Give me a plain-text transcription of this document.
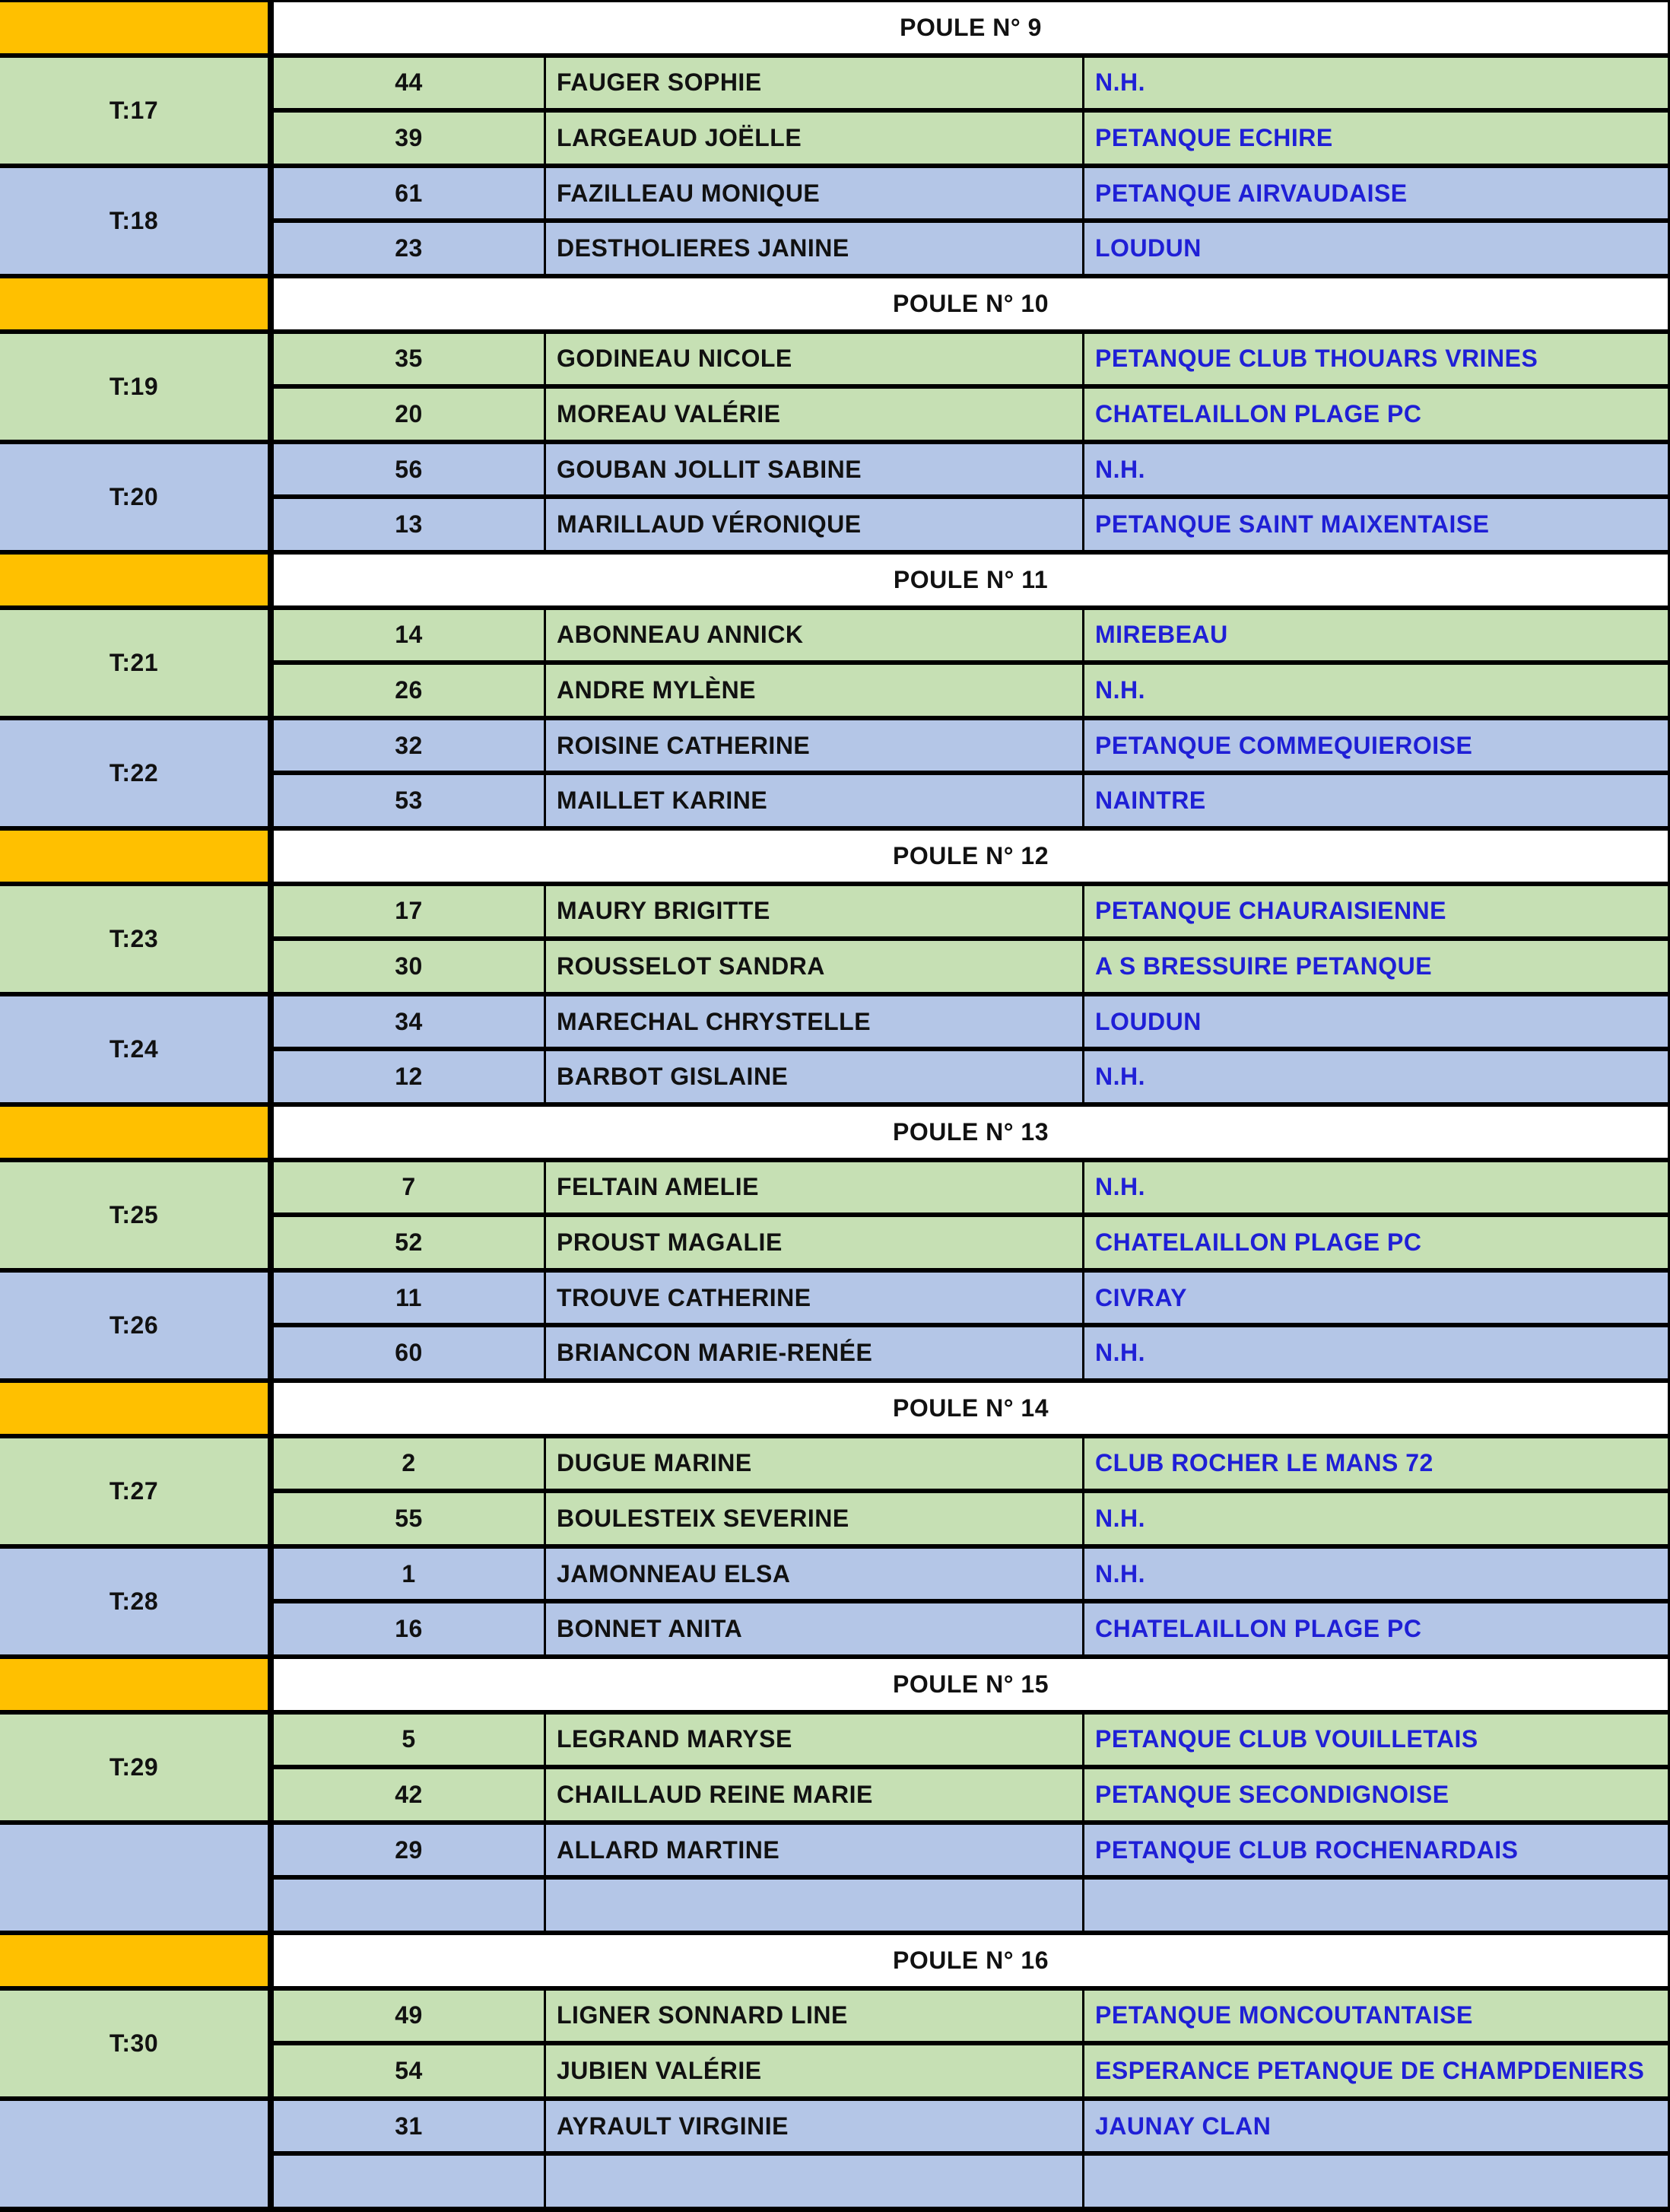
POULE N° 9
T:17
44	FAUGER SOPHIE	N.H.
39	LARGEAUD JOËLLE	PETANQUE ECHIRE
T:18
61	FAZILLEAU MONIQUE	PETANQUE AIRVAUDAISE
23	DESTHOLIERES JANINE	LOUDUN
POULE N° 10
T:19
35	GODINEAU NICOLE	PETANQUE CLUB THOUARS VRINES
20	MOREAU VALÉRIE	CHATELAILLON PLAGE PC
T:20
56	GOUBAN JOLLIT SABINE	N.H.
13	MARILLAUD VÉRONIQUE	PETANQUE SAINT MAIXENTAISE
POULE N° 11
T:21
14	ABONNEAU ANNICK	MIREBEAU
26	ANDRE MYLÈNE	N.H.
T:22
32	ROISINE CATHERINE	PETANQUE COMMEQUIEROISE
53	MAILLET KARINE	NAINTRE
POULE N° 12
T:23
17	MAURY BRIGITTE	PETANQUE CHAURAISIENNE
30	ROUSSELOT SANDRA	A S BRESSUIRE PETANQUE
T:24
34	MARECHAL CHRYSTELLE	LOUDUN
12	BARBOT GISLAINE	N.H.
POULE N° 13
T:25
7	FELTAIN AMELIE	N.H.
52	PROUST MAGALIE	CHATELAILLON PLAGE PC
T:26
11	TROUVE CATHERINE	CIVRAY
60	BRIANCON MARIE-RENÉE	N.H.
POULE N° 14
T:27
2	DUGUE MARINE	CLUB ROCHER LE MANS 72
55	BOULESTEIX SEVERINE	N.H.
T:28
1	JAMONNEAU ELSA	N.H.
16	BONNET ANITA	CHATELAILLON PLAGE PC
POULE N° 15
T:29
5	LEGRAND MARYSE	PETANQUE CLUB VOUILLETAIS
42	CHAILLAUD REINE MARIE	PETANQUE SECONDIGNOISE
29	ALLARD MARTINE	PETANQUE CLUB ROCHENARDAIS
POULE N° 16
T:30
49	LIGNER SONNARD LINE	PETANQUE MONCOUTANTAISE
54	JUBIEN VALÉRIE	ESPERANCE PETANQUE DE CHAMPDENIERS
31	AYRAULT VIRGINIE	JAUNAY CLAN
